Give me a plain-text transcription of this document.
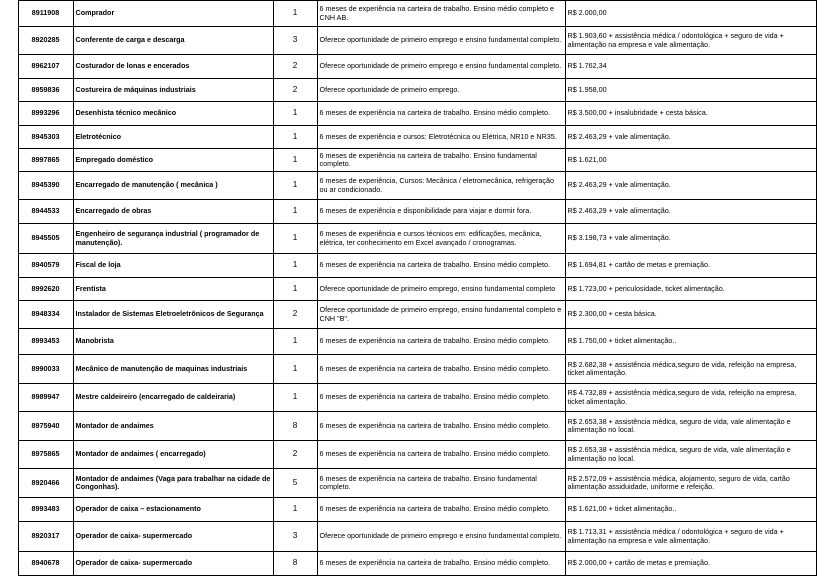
	8911908	Comprador	1	6 meses de experiência na carteira de trabalho. Ensino médio completo e CNH AB.	R$ 2.000,00
	8920285	Conferente de carga e descarga	3	Oferece oportunidade de primeiro emprego e ensino fundamental completo.	R$ 1.903,60 + assistência médica / odontológica + seguro de vida + alimentação na empresa e vale alimentação.
	8962107	Costurador de lonas e encerados	2	Oferece oportunidade de primeiro emprego e ensino fundamental completo.	R$ 1.762,34
	8959836	Costureira de máquinas industriais	2	Oferece oportunidade de primeiro emprego.	R$ 1.958,00
	8993296	Desenhista técnico mecânico	1	6 meses de experiência na carteira de trabalho. Ensino médio completo.	R$ 3.500,00 + insalubridade + cesta básica.
	8945303	Eletrotécnico	1	6 meses de experiência e cursos: Eletrotécnica ou Elétrica, NR10 e NR35.	R$ 2.463,29 + vale alimentação.
	8997865	Empregado doméstico	1	6 meses de experiência na carteira de trabalho. Ensino fundamental completo.	R$ 1.621,00
	8945390	Encarregado de manutenção ( mecânica )	1	6 meses de experiência, Cursos: Mecânica / eletromecânica, refrigeração ou ar condicionado.	R$ 2.463,29 + vale alimentação.
	8944533	Encarregado de obras	1	6 meses de experiência e disponibilidade para viajar e dormir fora.	R$ 2.463,29 + vale alimentação.
	8945505	Engenheiro de segurança industrial ( programador de manutenção).	1	6 meses de experiência e cursos técnicos em: edificações, mecânica, elétrica, ter conhecimento em Excel avançado / cronogramas.	R$ 3.198,73 + vale alimentação.
	8940579	Fiscal de loja	1	6 meses de experiência na carteira de trabalho. Ensino médio completo.	R$ 1.694,81 + cartão de metas e premiação.
	8992620	Frentista	1	Oferece oportunidade de primeiro emprego, ensino fundamental completo	R$ 1.723,00 + periculosidade, ticket alimentação.
	8948334	Instalador de Sistemas Eletroeletrônicos de Segurança	2	Oferece oportunidade de primeiro emprego, ensino fundamental completo e CNH "B".	R$ 2.300,00 + cesta básica.
	8993453	Manobrista	1	6 meses de experiência na carteira de trabalho. Ensino médio completo.	R$ 1.750,00 + ticket alimentação..
	8990033	Mecânico de manutenção de maquinas industriais	1	6 meses de experiência na carteira de trabalho. Ensino médio completo.	R$ 2.682,38 + assistência médica,seguro de vida, refeição na empresa, ticket alimentação.
	8989947	Mestre caldeireiro (encarregado de caldeiraria)	1	6 meses de experiência na carteira de trabalho. Ensino médio completo.	R$ 4.732,89 + assistência médica,seguro de vida, refeição na empresa, ticket alimentação.
	8975940	Montador de andaimes	8	6 meses de experiência na carteira de trabalho. Ensino médio completo.	R$ 2.653,38 + assistência médica, seguro de vida, vale alimentação e alimentação no local.
	8975865	Montador de andaimes ( encarregado)	2	6 meses de experiência na carteira de trabalho. Ensino médio completo.	R$ 2.653,38 + assistência médica, seguro de vida, vale alimentação e alimentação no local.
	8920466	Montador de andaimes (Vaga para trabalhar na cidade de Congonhas).	5	6 meses de experiência na carteira de trabalho. Ensino fundamental completo.	R$ 2.572,09 + assistência médica, alojamento, seguro de vida, cartão alimentação assiduidade, uniforme e refeição.
	8993483	Operador de caixa – estacionamento	1	6 meses de experiência na carteira de trabalho. Ensino médio completo.	R$ 1.621,00 + ticket alimentação..
	8920317	Operador de caixa- supermercado	3	Oferece oportunidade de primeiro emprego e ensino fundamental completo.	R$ 1.713,31 + assistência médica / odontológica + seguro de vida + alimentação na empresa e vale alimentação.
	8940678	Operador de caixa- supermercado	8	6 meses de experiência na carteira de trabalho. Ensino médio completo.	R$ 2.000,00 + cartão de metas e premiação.
